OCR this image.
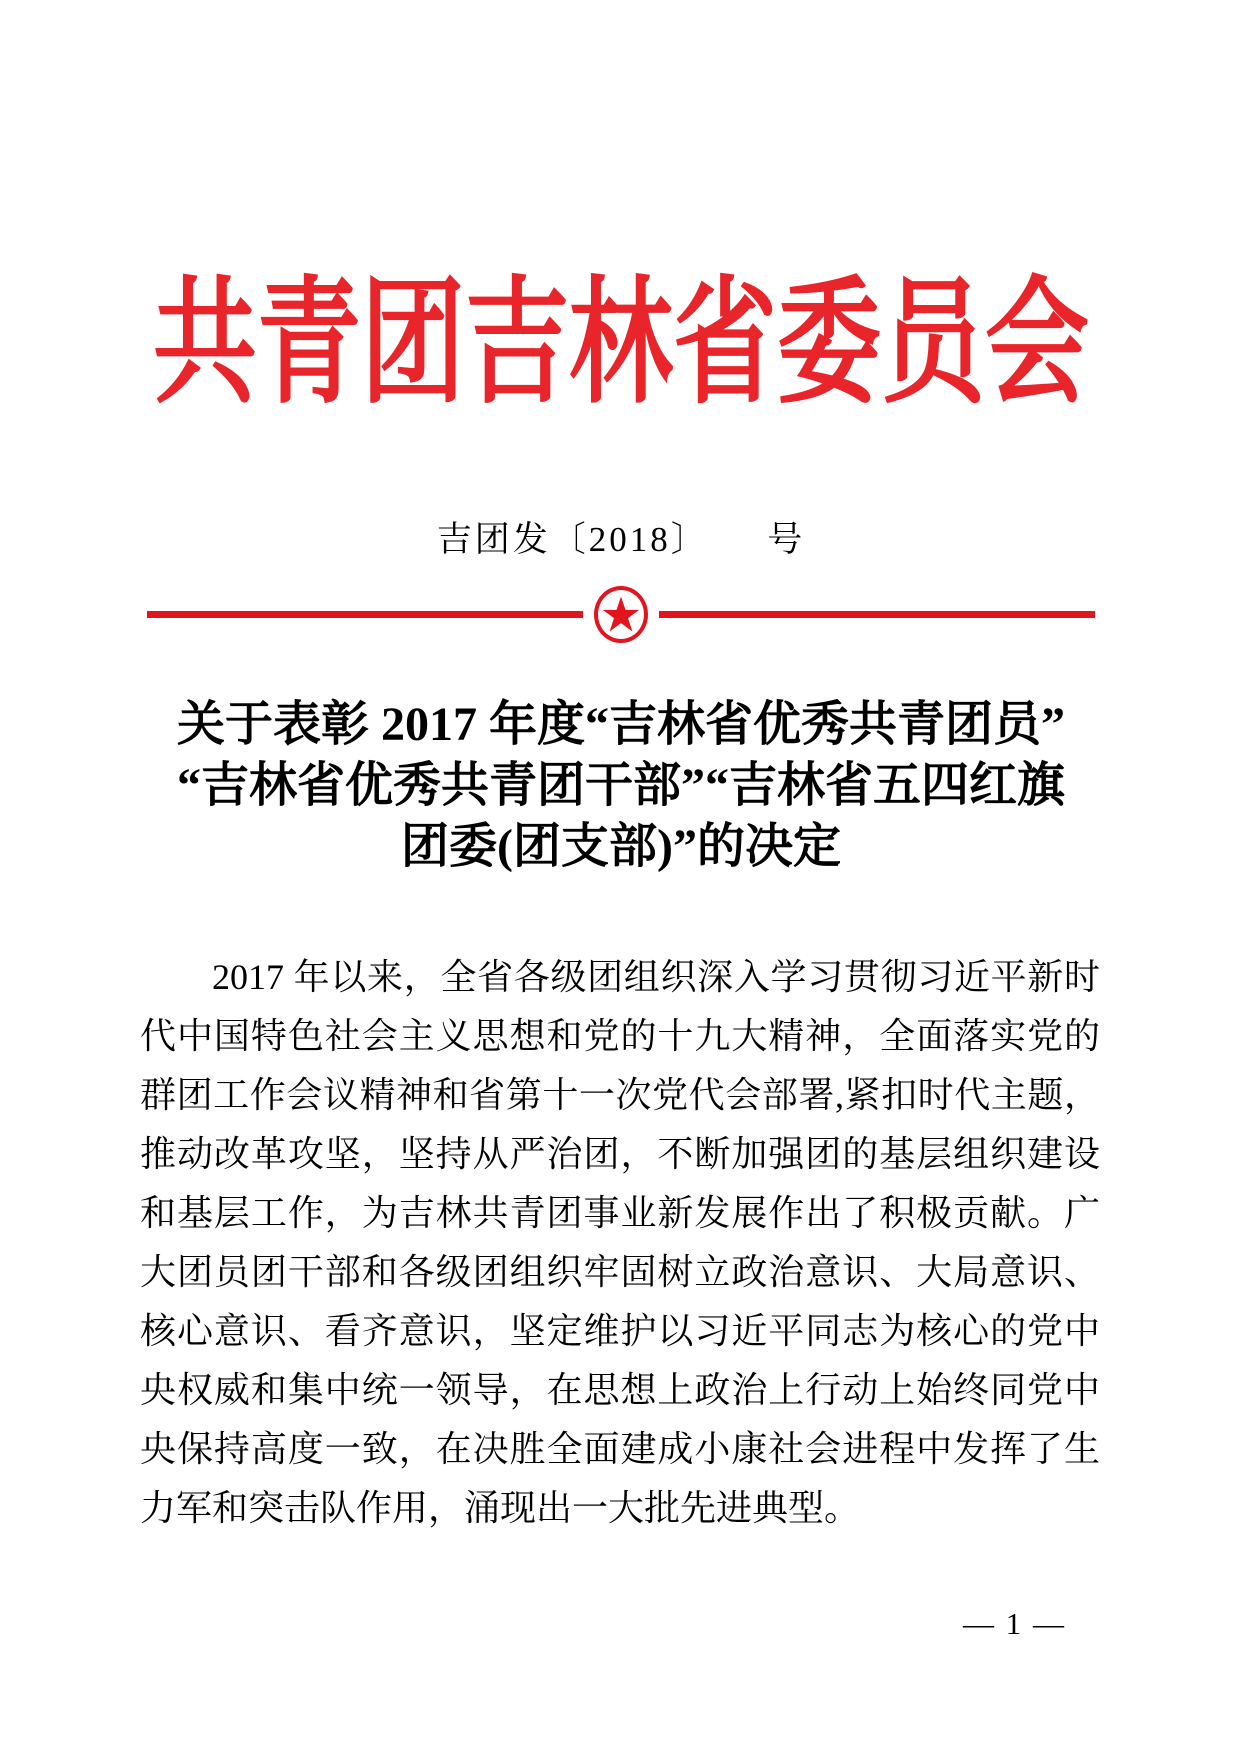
共青团吉林省委员会
吉团发〔2018〕　　号
关于表彰 2017 年度“吉林省优秀共青团员”
“吉林省优秀共青团干部”“吉林省五四红旗
团委(团支部)”的决定
2017 年以来，全省各级团组织深入学习贯彻习近平新时
代中国特色社会主义思想和党的十九大精神，全面落实党的
群团工作会议精神和省第十一次党代会部署,紧扣时代主题，
推动改革攻坚，坚持从严治团，不断加强团的基层组织建设
和基层工作，为吉林共青团事业新发展作出了积极贡献。广
大团员团干部和各级团组织牢固树立政治意识、大局意识、
核心意识、看齐意识，坚定维护以习近平同志为核心的党中
央权威和集中统一领导，在思想上政治上行动上始终同党中
央保持高度一致，在决胜全面建成小康社会进程中发挥了生
力军和突击队作用，涌现出一大批先进典型。
— 1 —
